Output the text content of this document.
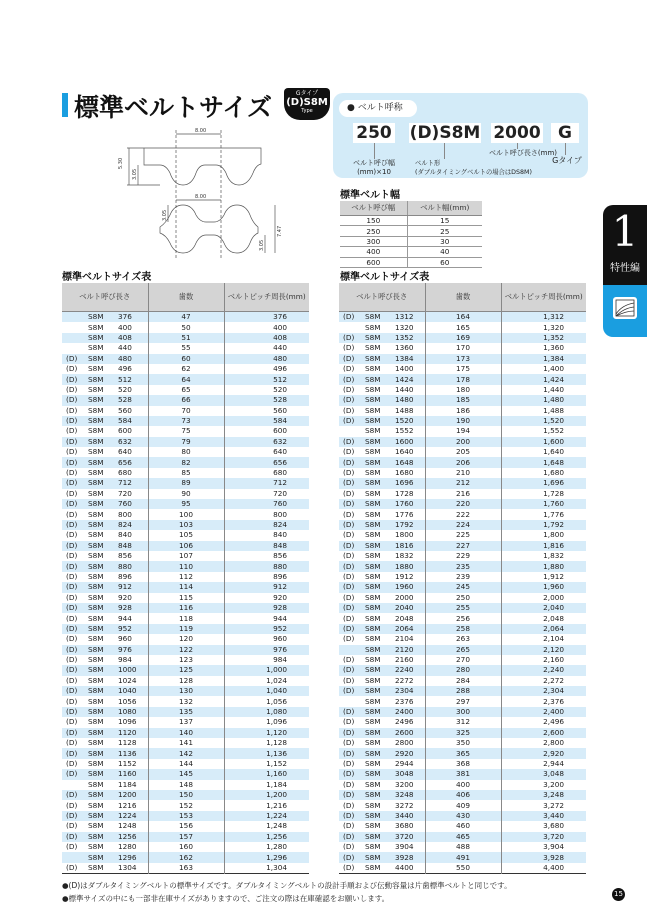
標準ベルトサイズ	Gタイプ
(D)S8M
Type
8.00
5.30
3.05
8.00
3.05
3.05
7.47
● ベルト呼称
250 (D)S8M 2000	G
ベルト呼び幅
(mm)×10
ベルト形
(ダブルタイミングベルトの場合はDS8M)
ベルト呼び長さ(mm)
Gタイプ
標準ベルト幅
ベルト呼び幅	ベルト幅(mm)
150	15
250	25
300	30
400	40
600	60
標準ベルトサイズ表	標準ベルトサイズ表
ベルト呼び長さ	歯数	ベルトピッチ周長(mm)
S8M 376	47	376
S8M 400	50	400
S8M 408	51	408
S8M 440	55	440
(D) S8M 480	60	480
(D) S8M 496	62	496
(D) S8M 512	64	512
(D) S8M 520	65	520
(D) S8M 528	66	528
(D) S8M 560	70	560
(D) S8M 584	73	584
(D) S8M 600	75	600
(D) S8M 632	79	632
(D) S8M 640	80	640
(D) S8M 656	82	656
(D) S8M 680	85	680
(D) S8M 712	89	712
(D) S8M 720	90	720
(D) S8M 760	95	760
(D) S8M 800	100	800
(D) S8M 824	103	824
(D) S8M 840	105	840
(D) S8M 848	106	848
(D) S8M 856	107	856
(D) S8M 880	110	880
(D) S8M 896	112	896
(D) S8M 912	114	912
(D) S8M 920	115	920
(D) S8M 928	116	928
(D) S8M 944	118	944
(D) S8M 952	119	952
(D) S8M 960	120	960
(D) S8M 976	122	976
(D) S8M 984	123	984
(D) S8M 1000	125	1,000
(D) S8M 1024	128	1,024
(D) S8M 1040	130	1,040
(D) S8M 1056	132	1,056
(D) S8M 1080	135	1,080
(D) S8M 1096	137	1,096
(D) S8M 1120	140	1,120
(D) S8M 1128	141	1,128
(D) S8M 1136	142	1,136
(D) S8M 1152	144	1,152
(D) S8M 1160	145	1,160
S8M 1184	148	1,184
(D) S8M 1200	150	1,200
(D) S8M 1216	152	1,216
(D) S8M 1224	153	1,224
(D) S8M 1248	156	1,248
(D) S8M 1256	157	1,256
(D) S8M 1280	160	1,280
S8M 1296	162	1,296
(D) S8M 1304	163	1,304
ベルト呼び長さ	歯数	ベルトピッチ周長(mm)
(D) S8M 1312	164	1,312
S8M 1320	165	1,320
(D) S8M 1352	169	1,352
(D) S8M 1360	170	1,360
(D) S8M 1384	173	1,384
(D) S8M 1400	175	1,400
(D) S8M 1424	178	1,424
(D) S8M 1440	180	1,440
(D) S8M 1480	185	1,480
(D) S8M 1488	186	1,488
(D) S8M 1520	190	1,520
S8M 1552	194	1,552
(D) S8M 1600	200	1,600
(D) S8M 1640	205	1,640
(D) S8M 1648	206	1,648
(D) S8M 1680	210	1,680
(D) S8M 1696	212	1,696
(D) S8M 1728	216	1,728
(D) S8M 1760	220	1,760
(D) S8M 1776	222	1,776
(D) S8M 1792	224	1,792
(D) S8M 1800	225	1,800
(D) S8M 1816	227	1,816
(D) S8M 1832	229	1,832
(D) S8M 1880	235	1,880
(D) S8M 1912	239	1,912
(D) S8M 1960	245	1,960
(D) S8M 2000	250	2,000
(D) S8M 2040	255	2,040
(D) S8M 2048	256	2,048
(D) S8M 2064	258	2,064
(D) S8M 2104	263	2,104
S8M 2120	265	2,120
(D) S8M 2160	270	2,160
(D) S8M 2240	280	2,240
(D) S8M 2272	284	2,272
(D) S8M 2304	288	2,304
S8M 2376	297	2,376
(D) S8M 2400	300	2,400
(D) S8M 2496	312	2,496
(D) S8M 2600	325	2,600
(D) S8M 2800	350	2,800
(D) S8M 2920	365	2,920
(D) S8M 2944	368	2,944
(D) S8M 3048	381	3,048
(D) S8M 3200	400	3,200
(D) S8M 3248	406	3,248
(D) S8M 3272	409	3,272
(D) S8M 3440	430	3,440
(D) S8M 3680	460	3,680
(D) S8M 3720	465	3,720
(D) S8M 3904	488	3,904
(D) S8M 3928	491	3,928
(D) S8M 4400	550	4,400
1
特性編
●(D)はダブルタイミングベルトの標準サイズです。ダブルタイミングベルトの設計手順および伝動容量は片歯標準ベルトと同じです。
●標準サイズの中にも一部非在庫サイズがありますので、ご注文の際は在庫確認をお願いします。	15
